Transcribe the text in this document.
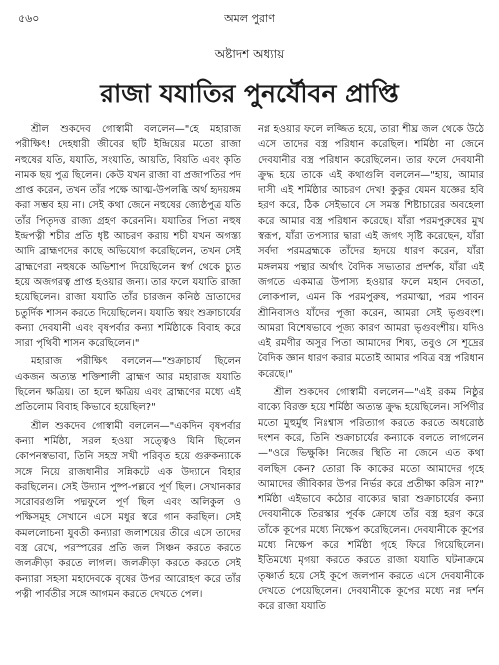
৫৬০	অমল পুরাণ
অষ্টাদশ অধ্যায়
রাজা যযাতির পুনর্যৌবন প্রাপ্তি

শ্রীল শুকদেব গোস্বামী বললেন—"হে মহারাজ পরীক্ষিৎ! দেহধারী জীবের ছটি ইন্দ্রিয়ের মতো রাজা নহুষের যতি, যযাতি, সংযাতি, আয়তি, বিয়তি এবং কৃতি নামক ছয় পুত্র ছিলেন। কেউ যখন রাজা বা প্রজাপতির পদ প্রাপ্ত করেন, তখন তাঁর পক্ষে আত্ম-উপলব্ধি অর্থ হৃদয়ঙ্গম করা সম্ভব হয় না। সেই কথা জেনে নহুষের জ্যেষ্ঠপুত্র যতি তাঁর পিতৃদত্ত রাজ্য গ্রহণ করেননি। যযাতির পিতা নহুষ ইন্দ্রপত্নী শচীর প্রতি ধৃষ্ট আচরণ করায় শচী যখন অগস্ত্য আদি ব্রাহ্মণদের কাছে অভিযোগ করেছিলেন, তখন সেই ব্রাহ্মণেরা নহুষকে অভিশাপ দিয়েছিলেন স্বর্গ থেকে চ্যুত হয়ে অজগরত্ব প্রাপ্ত হওয়ার জন্য। তার ফলে যযাতি রাজা হয়েছিলেন। রাজা যযাতি তাঁর চারজন কনিষ্ঠ ভ্রাতাদের চতুর্দিক শাসন করতে দিয়েছিলেন। যযাতি স্বয়ং শুক্রাচার্যের কন্যা দেবযানী এবং বৃষপর্বার কন্যা শর্মিষ্ঠাকে বিবাহ করে সারা পৃথিবী শাসন করেছিলেন।"

মহারাজ পরীক্ষিৎ বললেন—"শুক্রাচার্য ছিলেন একজন অত্যন্ত শক্তিশালী ব্রাহ্মণ আর মহারাজ যযাতি ছিলেন ক্ষত্রিয়। তা হলে ক্ষত্রিয় এবং ব্রাহ্মণের মধ্যে এই প্রতিলোম বিবাহ কিভাবে হয়েছিল?"

শ্রীল শুকদেব গোস্বামী বললেন—"একদিন বৃষপর্বার কন্যা শর্মিষ্ঠা, সরল হওয়া সত্ত্বেও যিনি ছিলেন কোপনস্বভাবা, তিনি সহস্র সখী পরিবৃত হয়ে গুরুকন্যাকে সঙ্গে নিয়ে রাজধানীর সন্নিকটে এক উদ্যানে বিহার করছিলেন। সেই উদ্যান পুষ্প-পল্লবে পূর্ণ ছিল। সেখানকার সরোবরগুলি পদ্মফুলে পূর্ণ ছিল এবং অলিকুল ও পক্ষিসমূহ সেখানে এসে মধুর স্বরে গান করছিল। সেই কমললোচনা যুবতী কন্যারা জলাশয়ের তীরে এসে তাদের বস্ত্র রেখে, পরস্পরের প্রতি জল সিঞ্চন করতে করতে জলক্রীড়া করতে লাগল। জলক্রীড়া করতে করতে সেই কন্যারা সহসা মহাদেবকে বৃষের উপর আরোহণ করে তাঁর পত্নী পার্বতীর সঙ্গে আগমন করতে দেখতে পেল।

নগ্ন হওয়ার ফলে লজ্জিত হয়ে, তারা শীঘ্র জল থেকে উঠে এসে তাদের বস্ত্র পরিধান করেছিল। শর্মিষ্ঠা না জেনে দেবযানীর বস্ত্র পরিধান করেছিলেন। তার ফলে দেবযানী ক্রুদ্ধ হয়ে তাকে এই কথাগুলি বললেন—"হায়, আমার দাসী এই শর্মিষ্ঠার আচরণ দেখ! কুকুর যেমন যজ্ঞের হবি হরণ করে, ঠিক সেইভাবে সে সমস্ত শিষ্টাচারের অবহেলা করে আমার বস্ত্র পরিধান করেছে। যাঁরা পরমপুরুষের মুখ স্বরূপ, যাঁরা তপস্যার দ্বারা এই জগৎ সৃষ্টি করেছেন, যাঁরা সর্বদা পরমব্রহ্মকে তাঁদের হৃদয়ে ধারণ করেন, যাঁরা মঙ্গলময় পন্থার অর্থাৎ বৈদিক সভ্যতার প্রদর্শক, যাঁরা এই জগতে একমাত্র উপাস্য হওয়ার ফলে মহান দেবতা, লোকপাল, এমন কি পরমপুরুষ, পরমাত্মা, পরম পাবন শ্রীনিবাসও যাঁদের পূজা করেন, আমরা সেই ভৃগুবংশ। আমরা বিশেষভাবে পূজ্য কারণ আমরা ভৃগুবংশীয়। যদিও এই রমণীর অসুর পিতা আমাদের শিষ্য, তবুও সে শূদ্রের বৈদিক জ্ঞান ধারণ করার মতোই আমার পবিত্র বস্ত্র পরিধান করেছে।"

শ্রীল শুকদেব গোস্বামী বললেন—"এই রকম নিষ্ঠুর বাক্যে বিরক্ত হয়ে শর্মিষ্ঠা অত্যন্ত ক্রুদ্ধ হয়েছিলেন। সর্পিণীর মতো মুহুর্মুহু নিঃশ্বাস পরিত্যাগ করতে করতে অধরোষ্ঠ দংশন করে, তিনি শুক্রাচার্যের কন্যাকে বলতে লাগলেন—"ওরে ভিক্ষুকি! নিজের স্থিতি না জেনে এত কথা বলছিস কেন? তোরা কি কাকের মতো আমাদের গৃহে আমাদের জীবিকার উপর নির্ভর করে প্রতীক্ষা করিস না?" শর্মিষ্ঠা এইভাবে কঠোর বাক্যের দ্বারা শুক্রাচার্যের কন্যা দেবযানীকে তিরস্কার পূর্বক ক্রোধে তাঁর বস্ত্র হরণ করে তাঁকে কূপের মধ্যে নিক্ষেপ করেছিলেন। দেবযানীকে কূপের মধ্যে নিক্ষেপ করে শর্মিষ্ঠা গৃহে ফিরে গিয়েছিলেন। ইতিমধ্যে মৃগয়া করতে করতে রাজা যযাতি ঘটনাক্রমে তৃষ্ণার্ত হয়ে সেই কূপে জলপান করতে এসে দেবযানীকে দেখতে পেয়েছিলেন। দেবযানীকে কূপের মধ্যে নগ্ন দর্শন করে রাজা যযাতি
